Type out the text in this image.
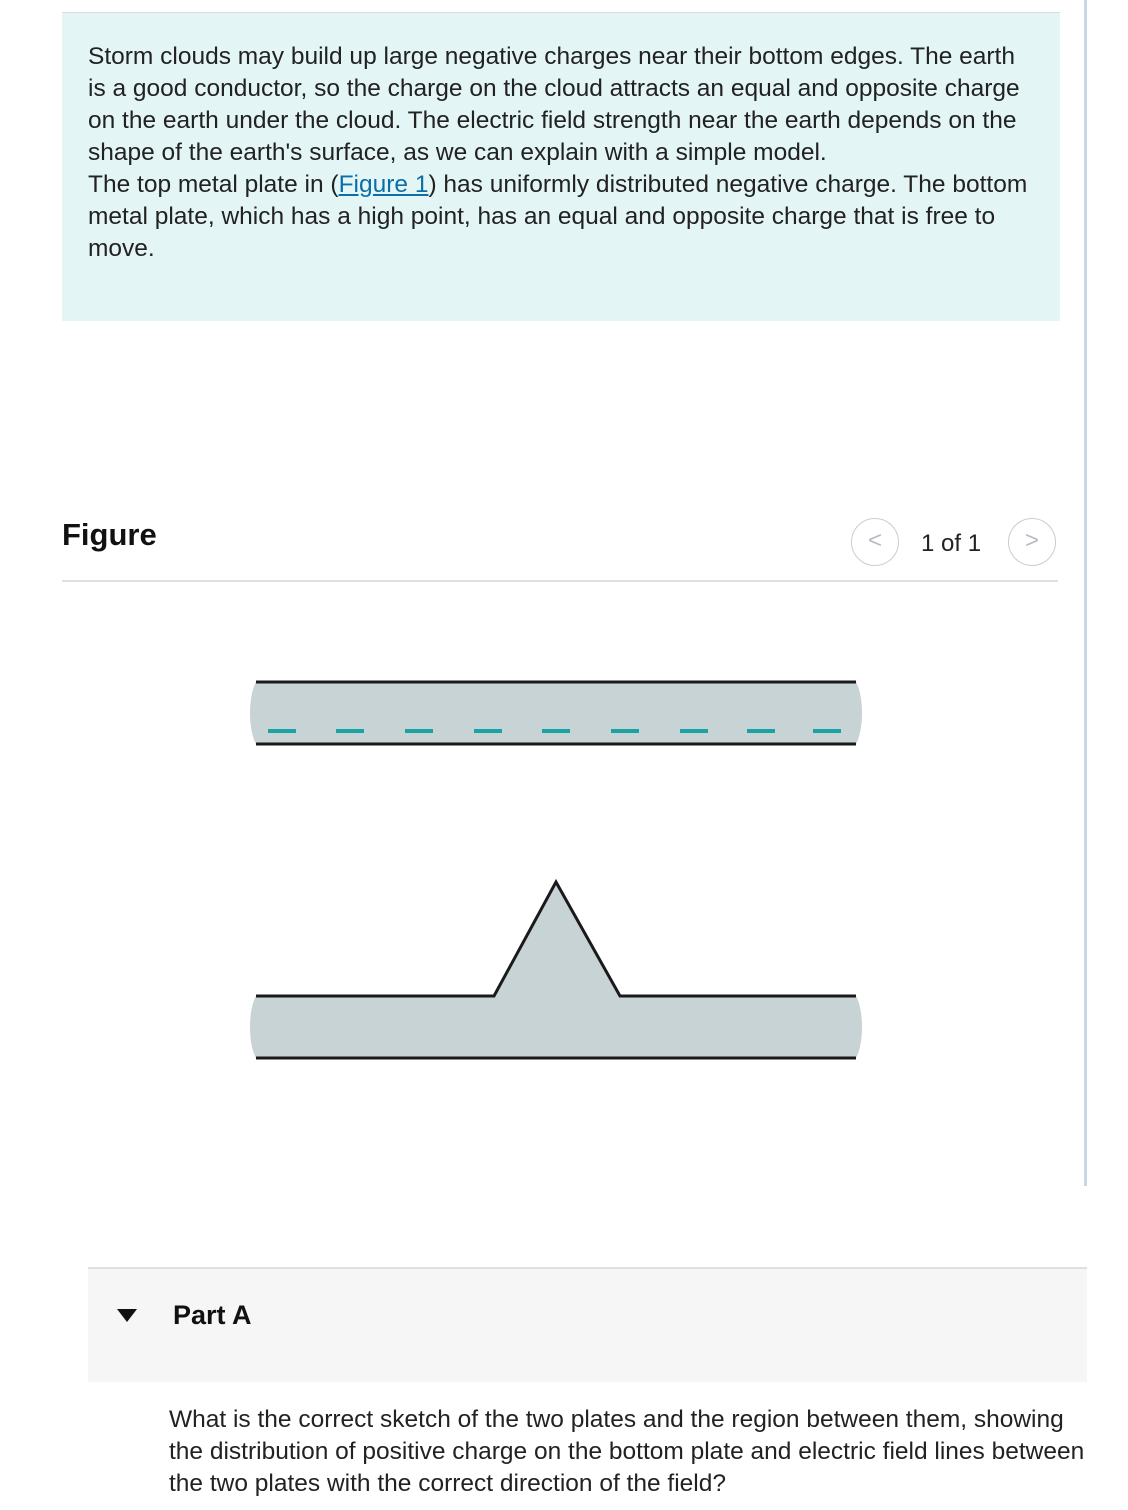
Storm clouds may build up large negative charges near their bottom edges. The earth is a good conductor, so the charge on the cloud attracts an equal and opposite charge on the earth under the cloud. The electric field strength near the earth depends on the shape of the earth's surface, as we can explain with a simple model.

The top metal plate in (Figure 1) has uniformly distributed negative charge. The bottom metal plate, which has a high point, has an equal and opposite charge that is free to move.

Figure	<	1 of 1	>
Part A

What is the correct sketch of the two plates and the region between them, showing the distribution of positive charge on the bottom plate and electric field lines between the two plates with the correct direction of the field?
